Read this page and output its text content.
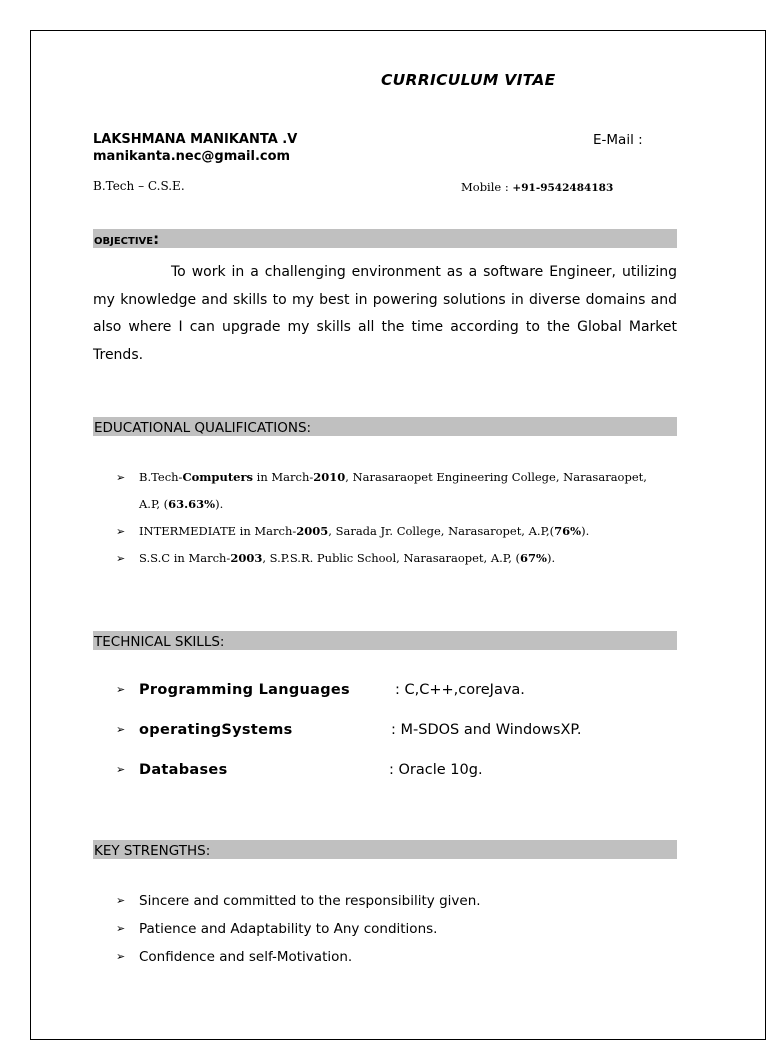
CURRICULUM VITAE
LAKSHMANA MANIKANTA .V	E-Mail :
manikanta.nec@gmail.com
B.Tech – C.S.E.	Mobile : +91-9542484183
OBJECTIVE:
To work in a challenging environment as a software Engineer, utilizing my knowledge and skills to my best in powering solutions in diverse domains and also where I can upgrade my skills all the time according to the Global Market Trends.
EDUCATIONAL QUALIFICATIONS:
➢ B.Tech-Computers in March-2010, Narasaraopet Engineering College, Narasaraopet,
A.P, (63.63%).
➢ INTERMEDIATE in March-2005, Sarada Jr. College, Narasaropet, A.P,(76%).
➢ S.S.C in March-2003, S.P.S.R. Public School, Narasaraopet, A.P, (67%).
TECHNICAL SKILLS:
➢ Programming Languages	: C,C++,coreJava.
➢ operatingSystems	: M-SDOS and WindowsXP.
➢ Databases	: Oracle 10g.
KEY STRENGTHS:
➢ Sincere and committed to the responsibility given.
➢ Patience and Adaptability to Any conditions.
➢ Confidence and self-Motivation.
